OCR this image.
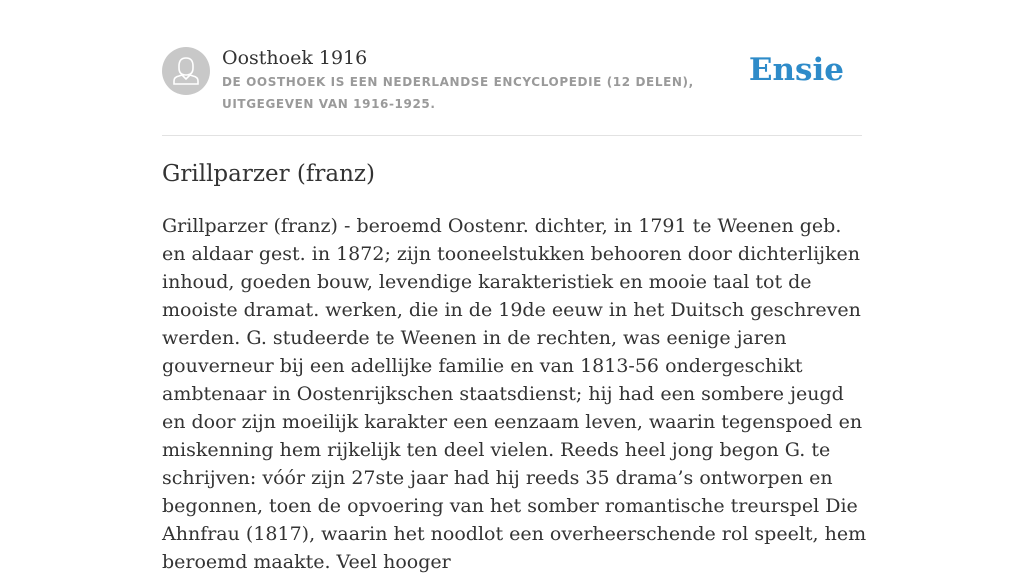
Oosthoek 1916
DE OOSTHOEK IS EEN NEDERLANDSE ENCYCLOPEDIE (12 DELEN), UITGEGEVEN VAN 1916-1925.
Ensie
Grillparzer (franz)

Grillparzer (franz) - beroemd Oostenr. dichter, in 1791 te Weenen geb. en aldaar gest. in 1872; zijn tooneelstukken behooren door dichterlijken inhoud, goeden bouw, levendige karakteristiek en mooie taal tot de mooiste dramat. werken, die in de 19de eeuw in het Duitsch geschreven werden. G. studeerde te Weenen in de rechten, was eenige jaren gouverneur bij een adellijke familie en van 1813-56 ondergeschikt ambtenaar in Oostenrijkschen staatsdienst; hij had een sombere jeugd en door zijn moeilijk karakter een eenzaam leven, waarin tegenspoed en miskenning hem rijkelijk ten deel vielen. Reeds heel jong begon G. te schrijven: vóór zijn 27ste jaar had hij reeds 35 drama’s ontworpen en begonnen, toen de opvoering van het somber romantische treurspel Die Ahnfrau (1817), waarin het noodlot een overheerschende rol speelt, hem beroemd maakte. Veel hooger
